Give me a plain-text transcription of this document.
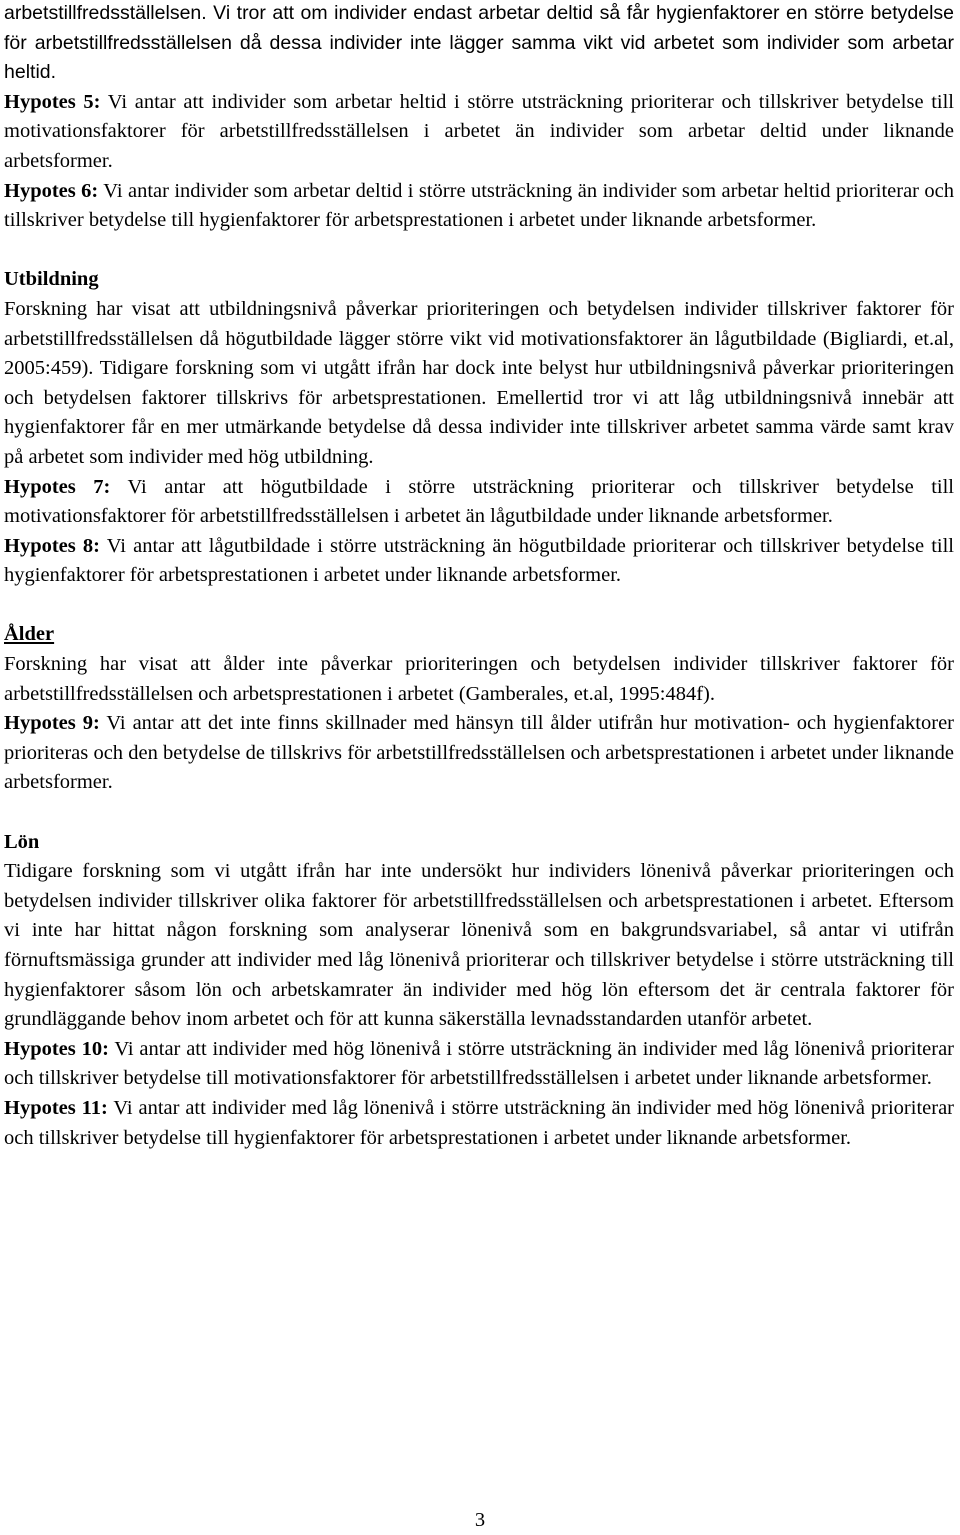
arbetstillfredsställelsen. Vi tror att om individer endast arbetar deltid så får hygienfaktorer en större betydelse för arbetstillfredsställelsen då dessa individer inte lägger samma vikt vid arbetet som individer som arbetar heltid.

Hypotes 5: Vi antar att individer som arbetar heltid i större utsträckning prioriterar och tillskriver betydelse till motivationsfaktorer för arbetstillfredsställelsen i arbetet än individer som arbetar deltid under liknande arbetsformer.

Hypotes 6: Vi antar individer som arbetar deltid i större utsträckning än individer som arbetar heltid prioriterar och tillskriver betydelse till hygienfaktorer för arbetsprestationen i arbetet under liknande arbetsformer.

Utbildning

Forskning har visat att utbildningsnivå påverkar prioriteringen och betydelsen individer tillskriver faktorer för arbetstillfredsställelsen då högutbildade lägger större vikt vid motivationsfaktorer än lågutbildade (Bigliardi, et.al, 2005:459). Tidigare forskning som vi utgått ifrån har dock inte belyst hur utbildningsnivå påverkar prioriteringen och betydelsen faktorer tillskrivs för arbetsprestationen. Emellertid tror vi att låg utbildningsnivå innebär att hygienfaktorer får en mer utmärkande betydelse då dessa individer inte tillskriver arbetet samma värde samt krav på arbetet som individer med hög utbildning.

Hypotes 7: Vi antar att högutbildade i större utsträckning prioriterar och tillskriver betydelse till motivationsfaktorer för arbetstillfredsställelsen i arbetet än lågutbildade under liknande arbetsformer.

Hypotes 8: Vi antar att lågutbildade i större utsträckning än högutbildade prioriterar och tillskriver betydelse till hygienfaktorer för arbetsprestationen i arbetet under liknande arbetsformer.

Ålder

Forskning har visat att ålder inte påverkar prioriteringen och betydelsen individer tillskriver faktorer för arbetstillfredsställelsen och arbetsprestationen i arbetet (Gamberales, et.al, 1995:484f).

Hypotes 9: Vi antar att det inte finns skillnader med hänsyn till ålder utifrån hur motivation- och hygienfaktorer prioriteras och den betydelse de tillskrivs för arbetstillfredsställelsen och arbetsprestationen i arbetet under liknande arbetsformer.

Lön

Tidigare forskning som vi utgått ifrån har inte undersökt hur individers lönenivå påverkar prioriteringen och betydelsen individer tillskriver olika faktorer för arbetstillfredsställelsen och arbetsprestationen i arbetet. Eftersom vi inte har hittat någon forskning som analyserar lönenivå som en bakgrundsvariabel, så antar vi utifrån förnuftsmässiga grunder att individer med låg lönenivå prioriterar och tillskriver betydelse i större utsträckning till hygienfaktorer såsom lön och arbetskamrater än individer med hög lön eftersom det är centrala faktorer för grundläggande behov inom arbetet och för att kunna säkerställa levnadsstandarden utanför arbetet.

Hypotes 10: Vi antar att individer med hög lönenivå i större utsträckning än individer med låg lönenivå prioriterar och tillskriver betydelse till motivationsfaktorer för arbetstillfredsställelsen i arbetet under liknande arbetsformer.

Hypotes 11: Vi antar att individer med låg lönenivå i större utsträckning än individer med hög lönenivå prioriterar och tillskriver betydelse till hygienfaktorer för arbetsprestationen i arbetet under liknande arbetsformer.

3
